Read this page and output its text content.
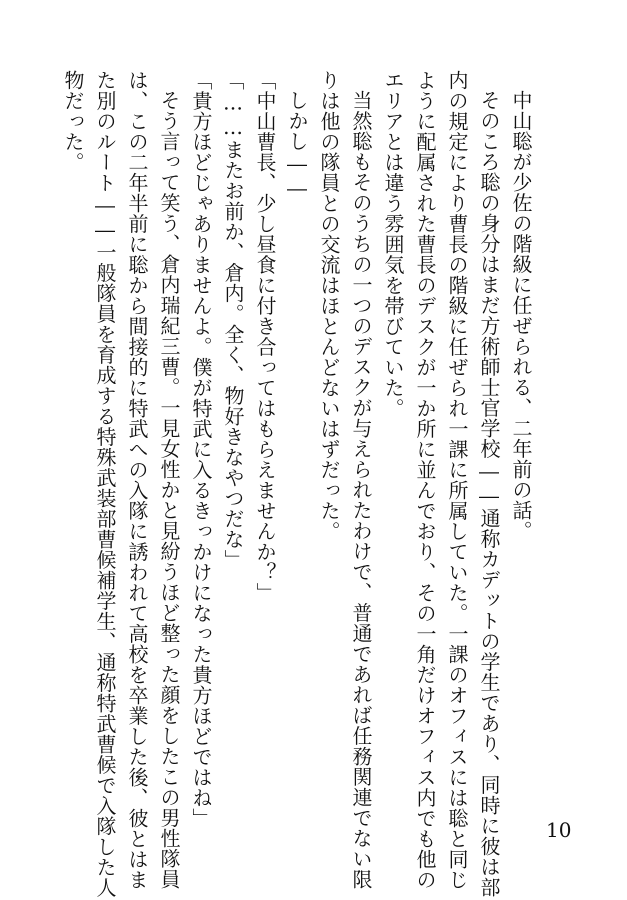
中山聡が少佐の階級に任ぜられる、二年前の話。
そのころ聡の身分はまだ方術師士官学校――通称カデットの学生であり、同時に彼は部
内の規定により曹長の階級に任ぜられ一課に所属していた。一課のオフィスには聡と同じ
ように配属された曹長のデスクが一か所に並んでおり、その一角だけオフィス内でも他の
エリアとは違う雰囲気を帯びていた。
当然聡もそのうちの一つのデスクが与えられたわけで、普通であれば任務関連でない限
りは他の隊員との交流はほとんどないはずだった。
しかし――
「中山曹長、少し昼食に付き合ってはもらえませんか？」
「……またお前か、倉内。全く、物好きなやつだな」
「貴方ほどじゃありませんよ。僕が特武に入るきっかけになった貴方ほどではね」
そう言って笑う、倉内瑞紀三曹。一見女性かと見紛うほど整った顔をしたこの男性隊員
は、この二年半前に聡から間接的に特武への入隊に誘われて高校を卒業した後、彼とはま
た別のルート――一般隊員を育成する特殊武装部曹候補学生、通称特武曹候で入隊した人
物だった。
10
